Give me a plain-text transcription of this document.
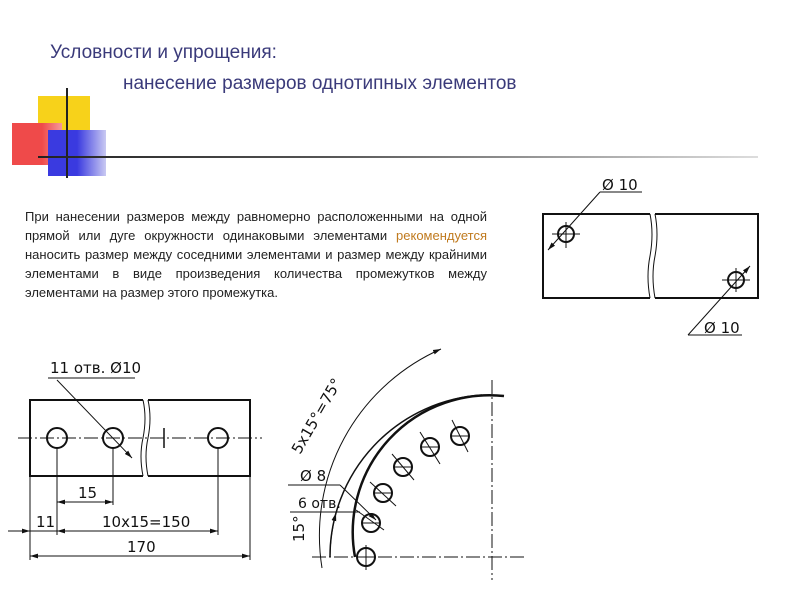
Условности и упрощения:
нанесение размеров однотипных элементов
При нанесении размеров между равномерно расположенными на одной прямой или дуге окружности одинаковыми элементами рекомендуется наносить размер между соседними элементами и размер между крайними элементами в виде произведения количества промежутков между элементами на размер этого промежутка.
Ø 10
Ø 10
11 отв. Ø10
15
11	10x15=150
170
5x15°=75°
Ø 8
6 отв.
15°
